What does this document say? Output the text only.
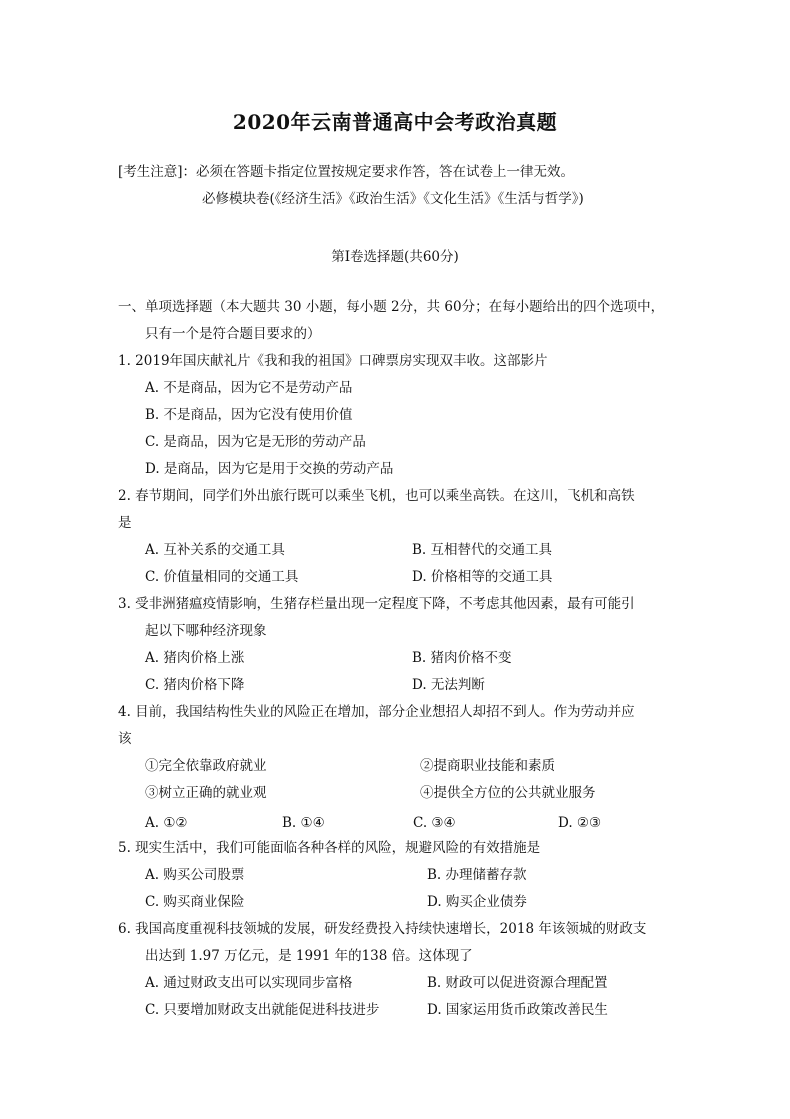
2020年云南普通高中会考政治真题
[考生注意]：必须在答题卡指定位置按规定要求作答，答在试卷上一律无效。
必修模块卷(《经济生活》《政治生活》《文化生活》《生活与哲学》)
第Ⅰ卷选择题(共60分)
一、单项选择题（本大题共 30 小题，每小题 2分，共 60分；在每小题给出的四个选项中，
只有一个是符合题目要求的）
1. 2019年国庆献礼片《我和我的祖国》口碑票房实现双丰收。这部影片
A. 不是商品，因为它不是劳动产品
B. 不是商品，因为它没有使用价值
C. 是商品，因为它是无形的劳动产品
D. 是商品，因为它是用于交换的劳动产品
2. 春节期间，同学们外出旅行既可以乘坐飞机，也可以乘坐高铁。在这川，飞机和高铁
是
A. 互补关系的交通工具	B. 互相替代的交通工具
C. 价值量相同的交通工具	D. 价格相等的交通工具
3. 受非洲猪瘟疫情影响，生猪存栏量出现一定程度下降，不考虑其他因素，最有可能引
起以下哪种经济现象
A. 猪肉价格上涨	B. 猪肉价格不变
C. 猪肉价格下降	D. 无法判断
4. 目前，我国结构性失业的风险正在增加，部分企业想招人却招不到人。作为劳动并应
该
①完全依靠政府就业	②提商职业技能和素质
③树立正确的就业观	④提供全方位的公共就业服务
A. ①②	B. ①④	C. ③④	D. ②③
5. 现实生活中，我们可能面临各种各样的风险，规避风险的有效措施是
A. 购买公司股票	B. 办理储蓄存款
C. 购买商业保险	D. 购买企业债券
6. 我国高度重视科技领城的发展，研发经费投入持续快速增长，2018 年该领城的财政支
出达到 1.97 万亿元，是 1991 年的138 倍。这体现了
A. 通过财政支出可以实现同步富格	B. 财政可以促进资源合理配置
C. 只要增加财政支出就能促进科技进步	D. 国家运用货币政策改善民生
